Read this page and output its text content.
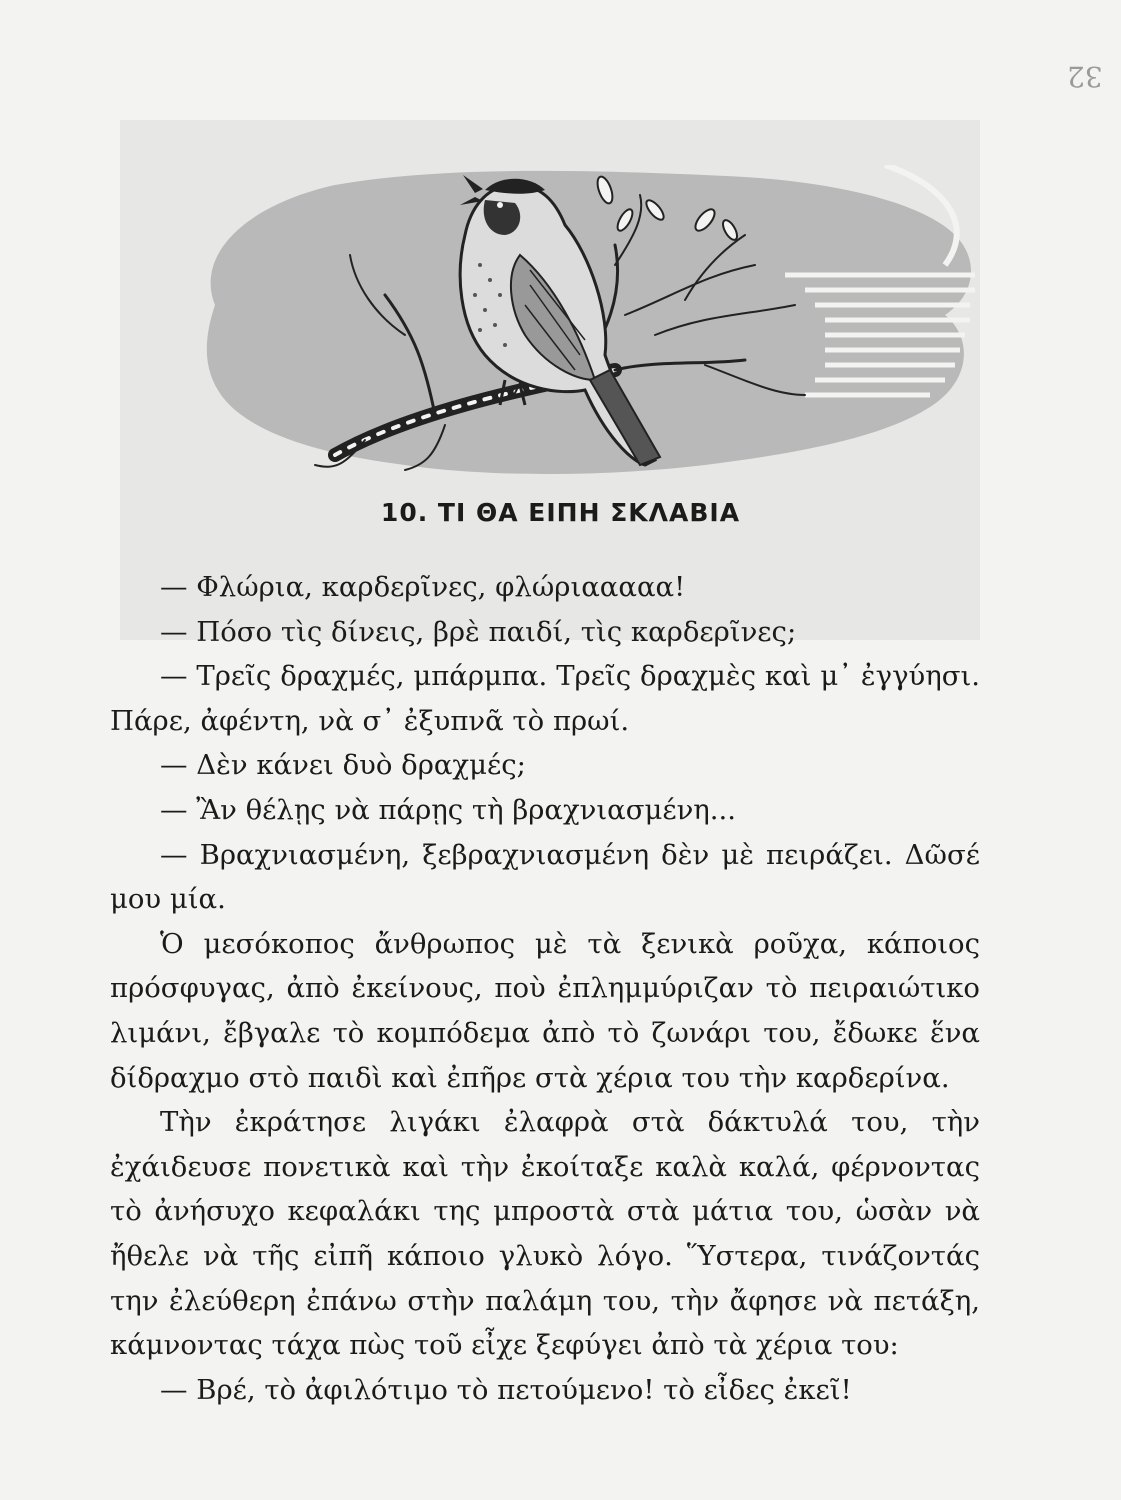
32
10. ΤΙ ΘΑ ΕΙΠΗ ΣΚΛΑΒΙΑ

— Φλώρια, καρδερῖνες, φλώριααααα!

— Πόσο τὶς δίνεις, βρὲ παιδί, τὶς καρδερῖνες;

— Τρεῖς δραχμές, μπάρμπα. Τρεῖς δραχμὲς καὶ μ᾽ ἐγγύησι. Πάρε, ἀφέντη, νὰ σ᾽ ἐξυπνᾶ τὸ πρωί.

— Δὲν κάνει δυὸ δραχμές;

— Ἂν θέλῃς νὰ πάρῃς τὴ βραχνιασμένη...

— Βραχνιασμένη, ξεβραχνιασμένη δὲν μὲ πειράζει. Δῶσέ μου μία.

Ὁ μεσόκοπος ἄνθρωπος μὲ τὰ ξενικὰ ροῦχα, κάποιος πρόσφυγας, ἀπὸ ἐκείνους, ποὺ ἐπλημμύριζαν τὸ πειραιώτικο λιμάνι, ἔβγαλε τὸ κομπόδεμα ἀπὸ τὸ ζωνάρι του, ἔδωκε ἕνα δίδραχμο στὸ παιδὶ καὶ ἐπῆρε στὰ χέρια του τὴν καρδερίνα.

Τὴν ἐκράτησε λιγάκι ἐλαφρὰ στὰ δάκτυλά του, τὴν ἐχάιδευσε πονετικὰ καὶ τὴν ἐκοίταξε καλὰ καλά, φέρνοντας τὸ ἀνήσυχο κεφαλάκι της μπροστὰ στὰ μάτια του, ὡσὰν νὰ ἤθελε νὰ τῆς εἰπῆ κάποιο γλυκὸ λόγο. Ὕστερα, τινάζοντάς την ἐλεύθερη ἐπάνω στὴν παλάμη του, τὴν ἄφησε νὰ πετάξη, κάμνοντας τάχα πὼς τοῦ εἶχε ξεφύγει ἀπὸ τὰ χέρια του:

— Βρέ, τὸ ἀφιλότιμο τὸ πετούμενο! τὸ εἶδες ἐκεῖ!
